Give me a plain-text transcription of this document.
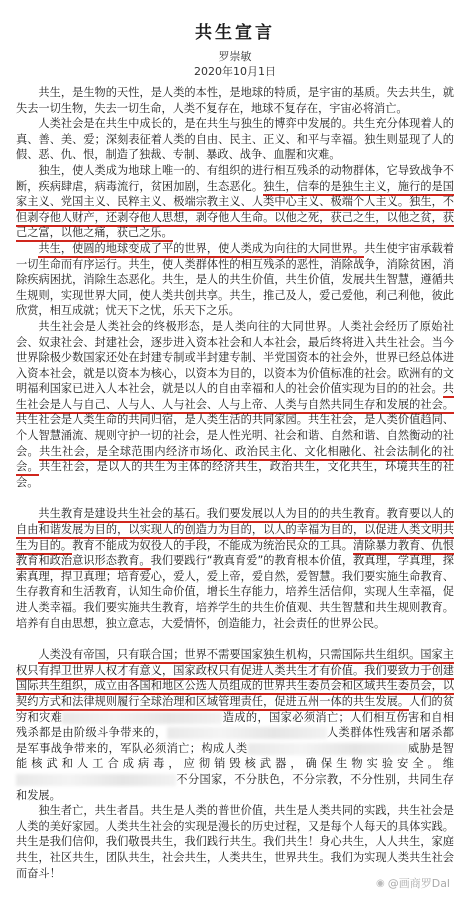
共生宣言
罗崇敏
2020年10月1日

共生，是生物的天性，是人类的本性，是地球的特质，是宇宙的基质。失去共生，就失去一切生物，失去一切生命，人类不复存在，地球不复存在，宇宙必将消亡。

人类社会是在共生中成长的，是在共生与独生的博弈中发展的。共生充分体现着人的真、善、美、爱；深刻表征着人类的自由、民主、正义、和平与幸福。独生则显现了人的假、恶、仇、恨，制造了独裁、专制、暴政、战争、血腥和灾难。

独生，使人类成为地球上唯一的、有组织的进行相互残杀的动物群体，它导致战争不断，疾病肆虐，病毒流行，贫困加剧，生态恶化。独生，信奉的是独生主义，施行的是国家主义、党国主义、民粹主义、极端宗教主义、人类中心主义、极端个人主义。独生，不但剥夺他人财产，还剥夺他人思想，剥夺他人生命。以他之死，获己之生，以他之贫，获己之富，以他之痛，获己之乐。

共生，使圆的地球变成了平的世界，使人类成为向往的大同世界。共生使宇宙承载着一切生命而有序运行。共生，使人类群体性的相互残杀的恶性，消除战争，消除贫困，消除疾病困扰，消除生态恶化。共生，是人的共生价值，共生价值，发展共生智慧，遵循共生规则，实现世界大同，使人类共创共享。共生，推己及人，爱己爱他，利己利他，彼此欣赏，相互成就；忧天下之忧，乐天下之乐。

共生社会是人类社会的终极形态，是人类向往的大同世界。人类社会经历了原始社会、奴隶社会、封建社会，逐步进入资本社会和人本社会，最后终将进入共生社会。当今世界除极少数国家还处在封建专制或半封建专制、半党国资本的社会外，世界已经总体进入资本社会，就是以资本为核心，以资本为目的，以资本为价值标准的社会。欧洲有的文明福利国家已进入人本社会，就是以人的自由幸福和人的社会价值实现为目的的社会。共生社会是人与自己、人与人、人与社会、人与上帝、人类与自然共同生存和发展的社会。共生社会是人类生命的共同归宿，是人类生活的共同家园。共生社会，是人类价值趋同、个人智慧涌流、规则守护一切的社会，是人性光明、社会和谐、自然和谐、自然衡动的社会。共生社会，是全球范围内经济市场化、政治民主化、文化相融化、社会法制化的社会。共生社会，是以人的共生为主体的经济共生，政治共生，文化共生，环境共生的社会。

共生教育是建设共生社会的基石。我们要发展以人为目的的共生教育。教育要以人的自由和谐发展为目的，以实现人的创造力为目的，以人的幸福为目的，以促进人类文明共生为目的。教育不能成为奴役人的手段，不能成为统治民众的工具。清除暴力教育、仇恨教育和政治意识形态教育。我们要践行“教真育爱”的教育根本价值，教真理，学真理，探索真理，捍卫真理；培育爱心，爱人，爱上帝，爱自然，爱智慧。我们要实施生命教育、生存教育和生活教育，认知生命价值，增长生存能力，培养生活信仰，实现人生幸福，促进人类幸福。我们要实施共生教育，培养学生的共生价值观、共生智慧和共生规则教育。培养有自由思想，独立意志，大爱情怀，创造能力，社会责任的世界公民。

人类没有帝国，只有联合国；世界不需要国家独生机构，只需国际共生组织。国家主权只有捍卫世界人权才有意义，国家政权只有促进人类共生才有价值。我们要致力于创建国际共生组织，成立由各国和地区公选人员组成的世界共生委员会和区域共生委员会，以契约方式和法律规则履行全球治理和区域管理责任，促进五州一体的共生发展。人们的贫穷和灾难	造成的，国家必须消亡；人们相互伤害和自相残杀都是由阶级斗争带来的，	人类群体性残害和屠杀都是军事战争带来的，军队必须消亡；构成人类	威胁是智能核武和人工合成病毒，应彻销毁核武器，确保生物实验安全。维不分国家，不分肤色，不分宗教，不分性别，共同生存和发展。

独生者亡，共生者昌。共生是人类的普世价值，共生是人类共同的实践，共生社会是人类的美好家园。人类共生社会的实现是漫长的历史过程，又是每个人每天的具体实践。共生是我们信仰，我们敬畏共生，我们践行共生。我们共生！身心共生，人人共生，家庭共生，社区共生，团队共生，社会共生，人类共生，世界共生。我们为实现人类共生社会而奋斗！

◉ @画商罗Dal
